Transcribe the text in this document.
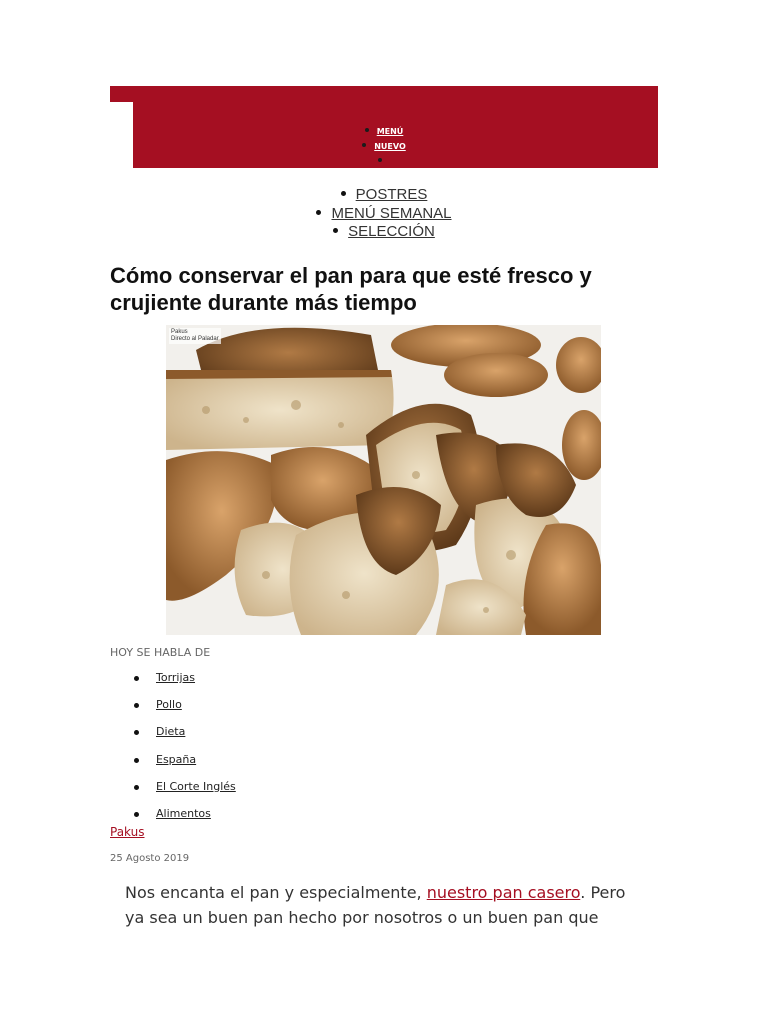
MENÚ
NUEVO
POSTRES
MENÚ SEMANAL
SELECCIÓN
Cómo conservar el pan para que esté fresco y crujiente durante más tiempo
Pakus
Directo al Paladar
HOY SE HABLA DE
Torrijas
Pollo
Dieta
España
El Corte Inglés
Alimentos
Pakus
25 Agosto 2019

Nos encanta el pan y especialmente, nuestro pan casero. Pero ya sea un buen pan hecho por nosotros o un buen pan que
